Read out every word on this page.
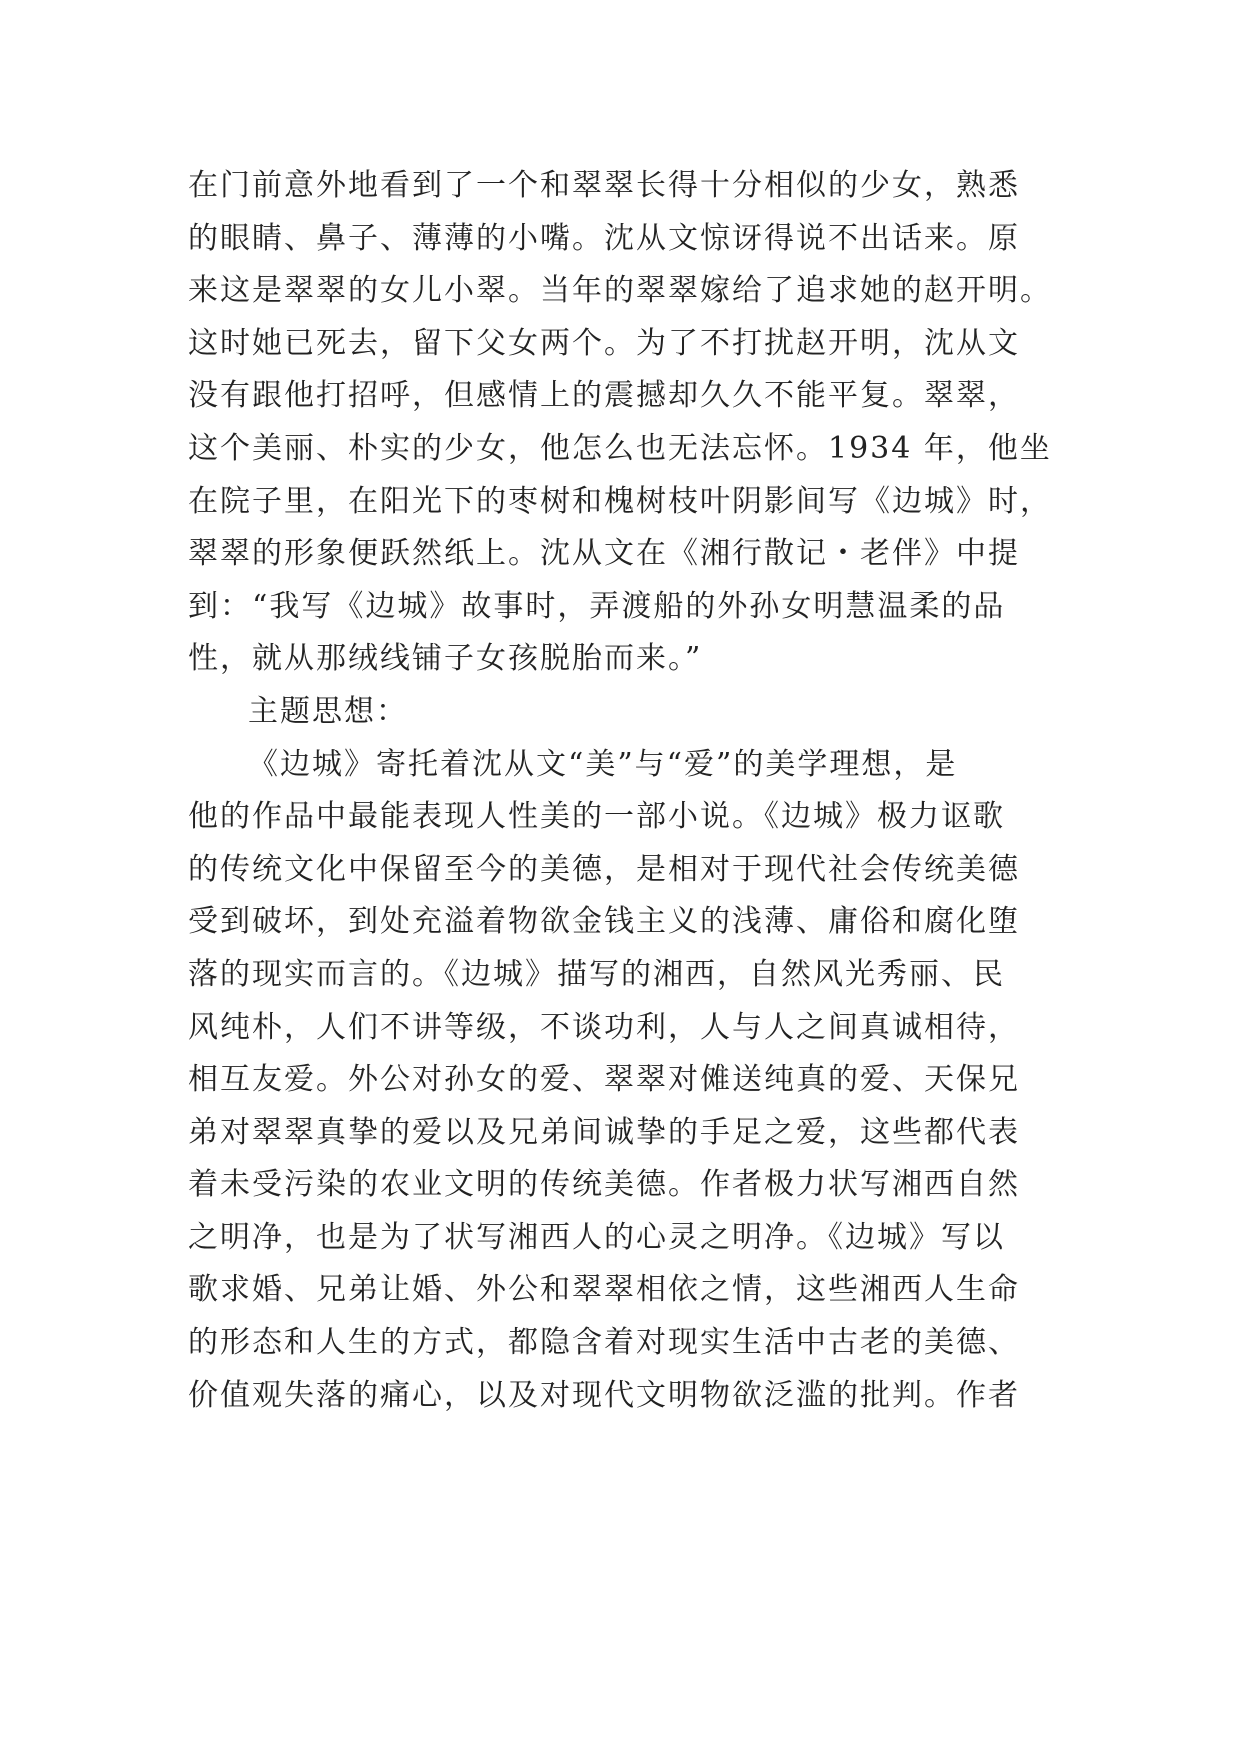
在门前意外地看到了一个和翠翠长得十分相似的少女，熟悉
的眼睛、鼻子、薄薄的小嘴。沈从文惊讶得说不出话来。原
来这是翠翠的女儿小翠。当年的翠翠嫁给了追求她的赵开明。
这时她已死去，留下父女两个。为了不打扰赵开明，沈从文
没有跟他打招呼，但感情上的震撼却久久不能平复。翠翠，
这个美丽、朴实的少女，他怎么也无法忘怀。1934 年，他坐
在院子里，在阳光下的枣树和槐树枝叶阴影间写《边城》时，
翠翠的形象便跃然纸上。沈从文在《湘行散记・老伴》中提
到：“我写《边城》故事时，弄渡船的外孙女明慧温柔的品
性，就从那绒线铺子女孩脱胎而来。”
主题思想：
《边城》寄托着沈从文“美”与“爱”的美学理想，是
他的作品中最能表现人性美的一部小说。《边城》极力讴歌
的传统文化中保留至今的美德，是相对于现代社会传统美德
受到破坏，到处充溢着物欲金钱主义的浅薄、庸俗和腐化堕
落的现实而言的。《边城》描写的湘西，自然风光秀丽、民
风纯朴，人们不讲等级，不谈功利，人与人之间真诚相待，
相互友爱。外公对孙女的爱、翠翠对傩送纯真的爱、天保兄
弟对翠翠真挚的爱以及兄弟间诚挚的手足之爱，这些都代表
着未受污染的农业文明的传统美德。作者极力状写湘西自然
之明净，也是为了状写湘西人的心灵之明净。《边城》写以
歌求婚、兄弟让婚、外公和翠翠相依之情，这些湘西人生命
的形态和人生的方式，都隐含着对现实生活中古老的美德、
价值观失落的痛心，以及对现代文明物欲泛滥的批判。作者
